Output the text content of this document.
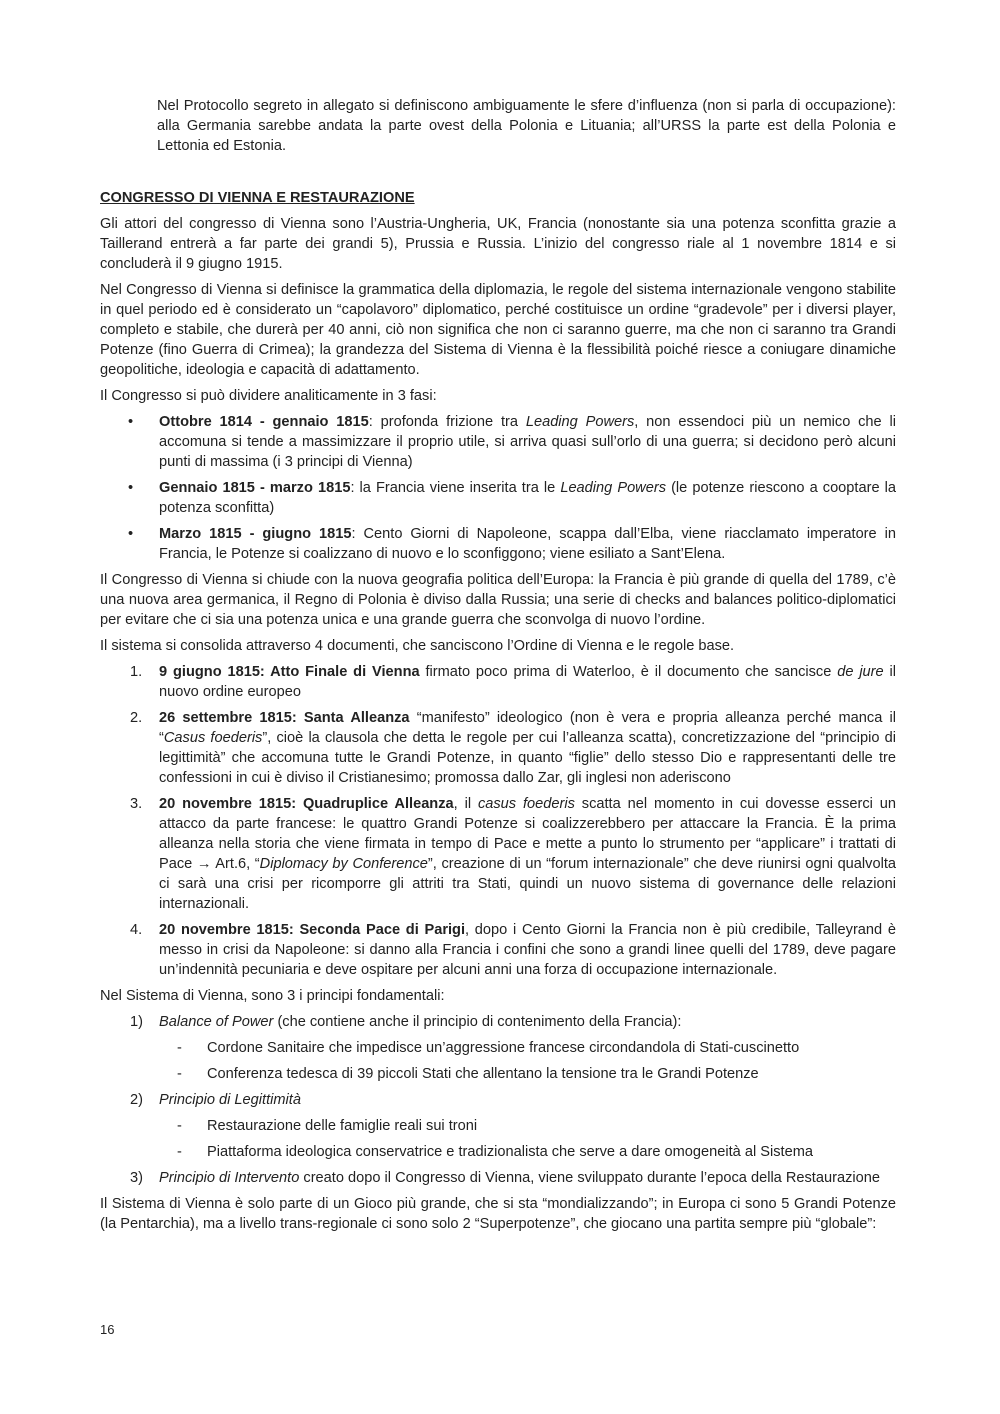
Nel Protocollo segreto in allegato si definiscono ambiguamente le sfere d’influenza (non si parla di occupazione): alla Germania sarebbe andata la parte ovest della Polonia e Lituania; all’URSS la parte est della Polonia e Lettonia ed Estonia.

CONGRESSO DI VIENNA E RESTAURAZIONE

Gli attori del congresso di Vienna sono l’Austria-Ungheria, UK, Francia (nonostante sia una potenza sconfitta grazie a Taillerand entrerà a far parte dei grandi 5), Prussia e Russia. L’inizio del congresso riale al 1 novembre 1814 e si concluderà il 9 giugno 1915.

Nel Congresso di Vienna si definisce la grammatica della diplomazia, le regole del sistema internazionale vengono stabilite in quel periodo ed è considerato un “capolavoro” diplomatico, perché costituisce un ordine “gradevole” per i diversi player, completo e stabile, che durerà per 40 anni, ciò non significa che non ci saranno guerre, ma che non ci saranno tra Grandi Potenze (fino Guerra di Crimea); la grandezza del Sistema di Vienna è la flessibilità poiché riesce a coniugare dinamiche geopolitiche, ideologia e capacità di adattamento.

Il Congresso si può dividere analiticamente in 3 fasi:

• Ottobre 1814 - gennaio 1815: profonda frizione tra Leading Powers, non essendoci più un nemico che li accomuna si tende a massimizzare il proprio utile, si arriva quasi sull’orlo di una guerra; si decidono però alcuni punti di massima (i 3 principi di Vienna)
• Gennaio 1815 - marzo 1815: la Francia viene inserita tra le Leading Powers (le potenze riescono a cooptare la potenza sconfitta)
• Marzo 1815 - giugno 1815: Cento Giorni di Napoleone, scappa dall’Elba, viene riacclamato imperatore in Francia, le Potenze si coalizzano di nuovo e lo sconfiggono; viene esiliato a Sant’Elena.

Il Congresso di Vienna si chiude con la nuova geografia politica dell’Europa: la Francia è più grande di quella del 1789, c’è una nuova area germanica, il Regno di Polonia è diviso dalla Russia; una serie di checks and balances politico-diplomatici per evitare che ci sia una potenza unica e una grande guerra che sconvolga di nuovo l’ordine.

Il sistema si consolida attraverso 4 documenti, che sanciscono l’Ordine di Vienna e le regole base.

1. 9 giugno 1815: Atto Finale di Vienna firmato poco prima di Waterloo, è il documento che sancisce de jure il nuovo ordine europeo
2. 26 settembre 1815: Santa Alleanza “manifesto” ideologico (non è vera e propria alleanza perché manca il “Casus foederis”, cioè la clausola che detta le regole per cui l’alleanza scatta), concretizzazione del “principio di legittimità” che accomuna tutte le Grandi Potenze, in quanto “figlie” dello stesso Dio e rappresentanti delle tre confessioni in cui è diviso il Cristianesimo; promossa dallo Zar, gli inglesi non aderiscono
3. 20 novembre 1815: Quadruplice Alleanza, il casus foederis scatta nel momento in cui dovesse esserci un attacco da parte francese: le quattro Grandi Potenze si coalizzerebbero per attaccare la Francia. È la prima alleanza nella storia che viene firmata in tempo di Pace e mette a punto lo strumento per “applicare” i trattati di Pace → Art.6, “Diplomacy by Conference”, creazione di un “forum internazionale” che deve riunirsi ogni qualvolta ci sarà una crisi per ricomporre gli attriti tra Stati, quindi un nuovo sistema di governance delle relazioni internazionali.
4. 20 novembre 1815: Seconda Pace di Parigi, dopo i Cento Giorni la Francia non è più credibile, Talleyrand è messo in crisi da Napoleone: si danno alla Francia i confini che sono a grandi linee quelli del 1789, deve pagare un’indennità pecuniaria e deve ospitare per alcuni anni una forza di occupazione internazionale.

Nel Sistema di Vienna, sono 3 i principi fondamentali:

1) Balance of Power (che contiene anche il principio di contenimento della Francia):
- Cordone Sanitaire che impedisce un’aggressione francese circondandola di Stati-cuscinetto
- Conferenza tedesca di 39 piccoli Stati che allentano la tensione tra le Grandi Potenze
2) Principio di Legittimità
- Restaurazione delle famiglie reali sui troni
- Piattaforma ideologica conservatrice e tradizionalista che serve a dare omogeneità al Sistema
3) Principio di Intervento creato dopo il Congresso di Vienna, viene sviluppato durante l’epoca della Restaurazione

Il Sistema di Vienna è solo parte di un Gioco più grande, che si sta “mondializzando”; in Europa ci sono 5 Grandi Potenze (la Pentarchia), ma a livello trans-regionale ci sono solo 2 “Superpotenze”, che giocano una partita sempre più “globale”:

16
